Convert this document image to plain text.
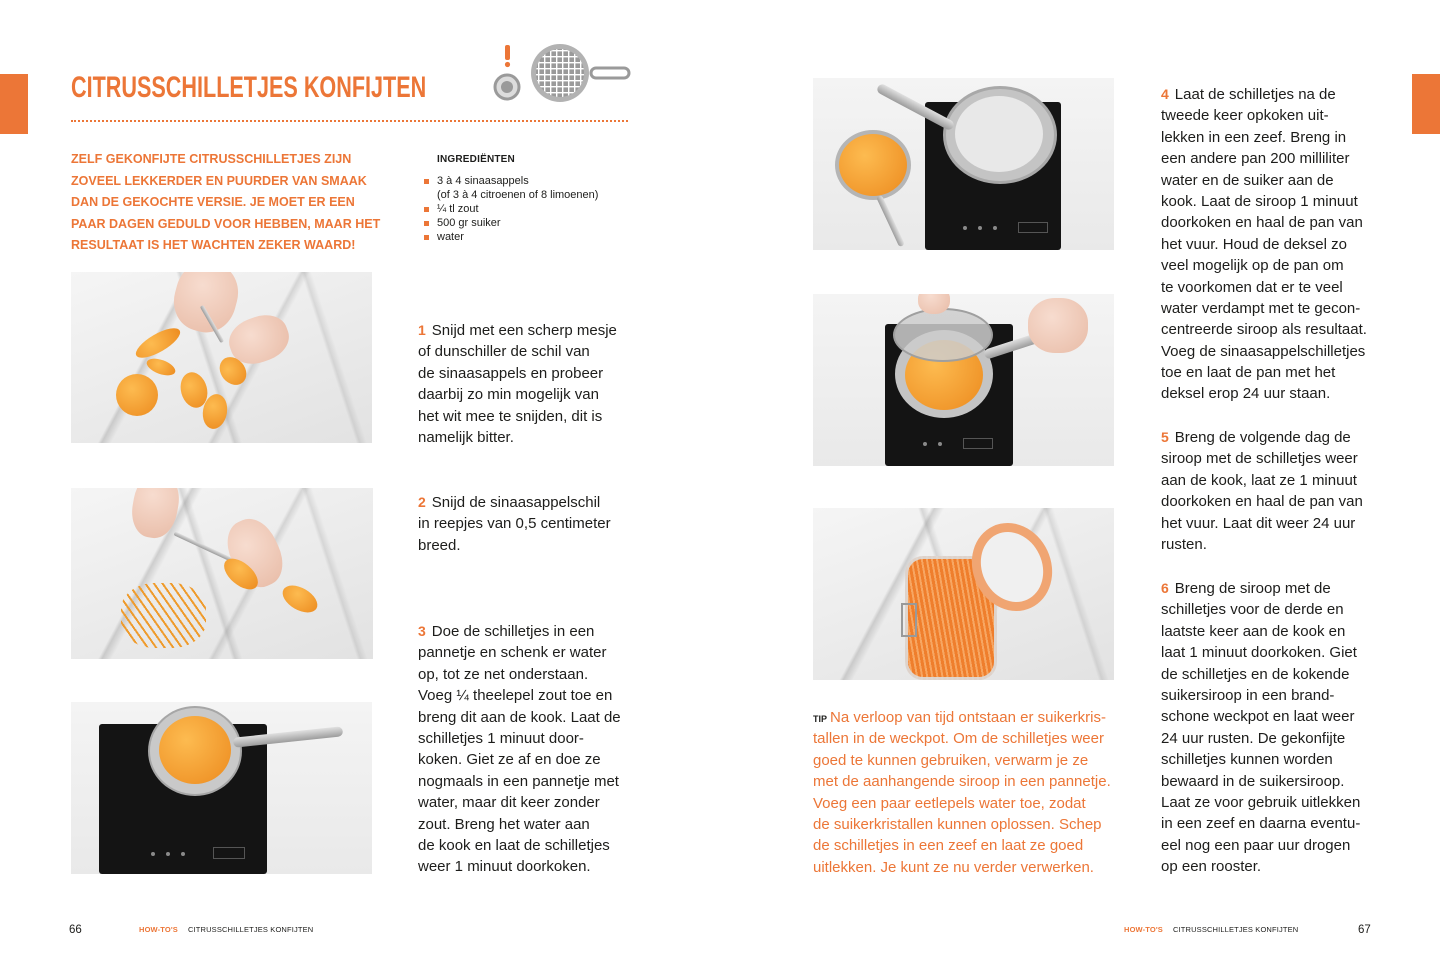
CITRUSSCHILLETJES KONFIJTEN
ZELF GEKONFIJTE CITRUSSCHILLETJES ZIJN
ZOVEEL LEKKERDER EN PUURDER VAN SMAAK
DAN DE GEKOCHTE VERSIE. JE MOET ER EEN
PAAR DAGEN GEDULD VOOR HEBBEN, MAAR HET
RESULTAAT IS HET WACHTEN ZEKER WAARD!
INGREDIËNTEN
3 à 4 sinaasappels
(of 3 à 4 citroenen of 8 limoenen)
¼ tl zout
500 gr suiker
water
1 Snijd met een scherp mesje
of dunschiller de schil van
de sinaasappels en probeer
daarbij zo min mogelijk van
het wit mee te snijden, dit is
namelijk bitter.
2 Snijd de sinaasappelschil
in reepjes van 0,5 centimeter
breed.
3 Doe de schilletjes in een
pannetje en schenk er water
op, tot ze net onderstaan.
Voeg ¼ theelepel zout toe en
breng dit aan de kook. Laat de
schilletjes 1 minuut door-
koken. Giet ze af en doe ze
nogmaals in een pannetje met
water, maar dit keer zonder
zout. Breng het water aan
de kook en laat de schilletjes
weer 1 minuut doorkoken.
66	HOW-TO'S CITRUSSCHILLETJES KONFIJTEN
TIP Na verloop van tijd ontstaan er suikerkris-
tallen in de weckpot. Om de schilletjes weer
goed te kunnen gebruiken, verwarm je ze
met de aanhangende siroop in een pannetje.
Voeg een paar eetlepels water toe, zodat
de suikerkristallen kunnen oplossen. Schep
de schilletjes in een zeef en laat ze goed
uitlekken. Je kunt ze nu verder verwerken.
4 Laat de schilletjes na de
tweede keer opkoken uit-
lekken in een zeef. Breng in
een andere pan 200 milliliter
water en de suiker aan de
kook. Laat de siroop 1 minuut
doorkoken en haal de pan van
het vuur. Houd de deksel zo
veel mogelijk op de pan om
te voorkomen dat er te veel
water verdampt met te gecon-
centreerde siroop als resultaat.
Voeg de sinaasappelschilletjes
toe en laat de pan met het
deksel erop 24 uur staan.
5 Breng de volgende dag de
siroop met de schilletjes weer
aan de kook, laat ze 1 minuut
doorkoken en haal de pan van
het vuur. Laat dit weer 24 uur
rusten.
6 Breng de siroop met de
schilletjes voor de derde en
laatste keer aan de kook en
laat 1 minuut doorkoken. Giet
de schilletjes en de kokende
suikersiroop in een brand-
schone weckpot en laat weer
24 uur rusten. De gekonfijte
schilletjes kunnen worden
bewaard in de suikersiroop.
Laat ze voor gebruik uitlekken
in een zeef en daarna eventu-
eel nog een paar uur drogen
op een rooster.
HOW-TO'S CITRUSSCHILLETJES KONFIJTEN	67
